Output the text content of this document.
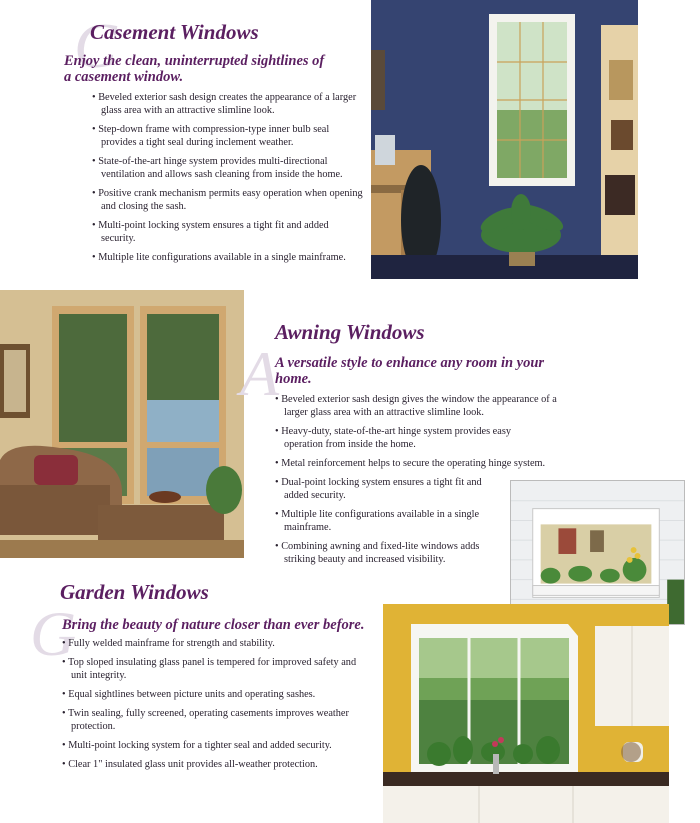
C
Casement Windows

Enjoy the clean, uninterrupted sightlines of a casement window.

• Beveled exterior sash design creates the appearance of a larger glass area with an attractive slimline look.
• Step-down frame with compression-type inner bulb seal provides a tight seal during inclement weather.
• State-of-the-art hinge system provides multi-directional ventilation and allows sash cleaning from inside the home.
• Positive crank mechanism permits easy operation when opening and closing the sash.
• Multi-point locking system ensures a tight fit and added security.
• Multiple lite configurations available in a single mainframe.
A
Awning Windows

A versatile style to enhance any room in your home.

• Beveled exterior sash design gives the window the appearance of a larger glass area with an attractive slimline look.
• Heavy-duty, state-of-the-art hinge system provides easy operation from inside the home.
• Metal reinforcement helps to secure the operating hinge system.
• Dual-point locking system ensures a tight fit and added security.
• Multiple lite configurations available in a single mainframe.
• Combining awning and fixed-lite windows adds striking beauty and increased visibility.
G
Garden Windows

Bring the beauty of nature closer than ever before.

• Fully welded mainframe for strength and stability.
• Top sloped insulating glass panel is tempered for improved safety and unit integrity.
• Equal sightlines between picture units and operating sashes.
• Twin sealing, fully screened, operating casements improves weather protection.
• Multi-point locking system for a tighter seal and added security.
• Clear 1" insulated glass unit provides all-weather protection.
